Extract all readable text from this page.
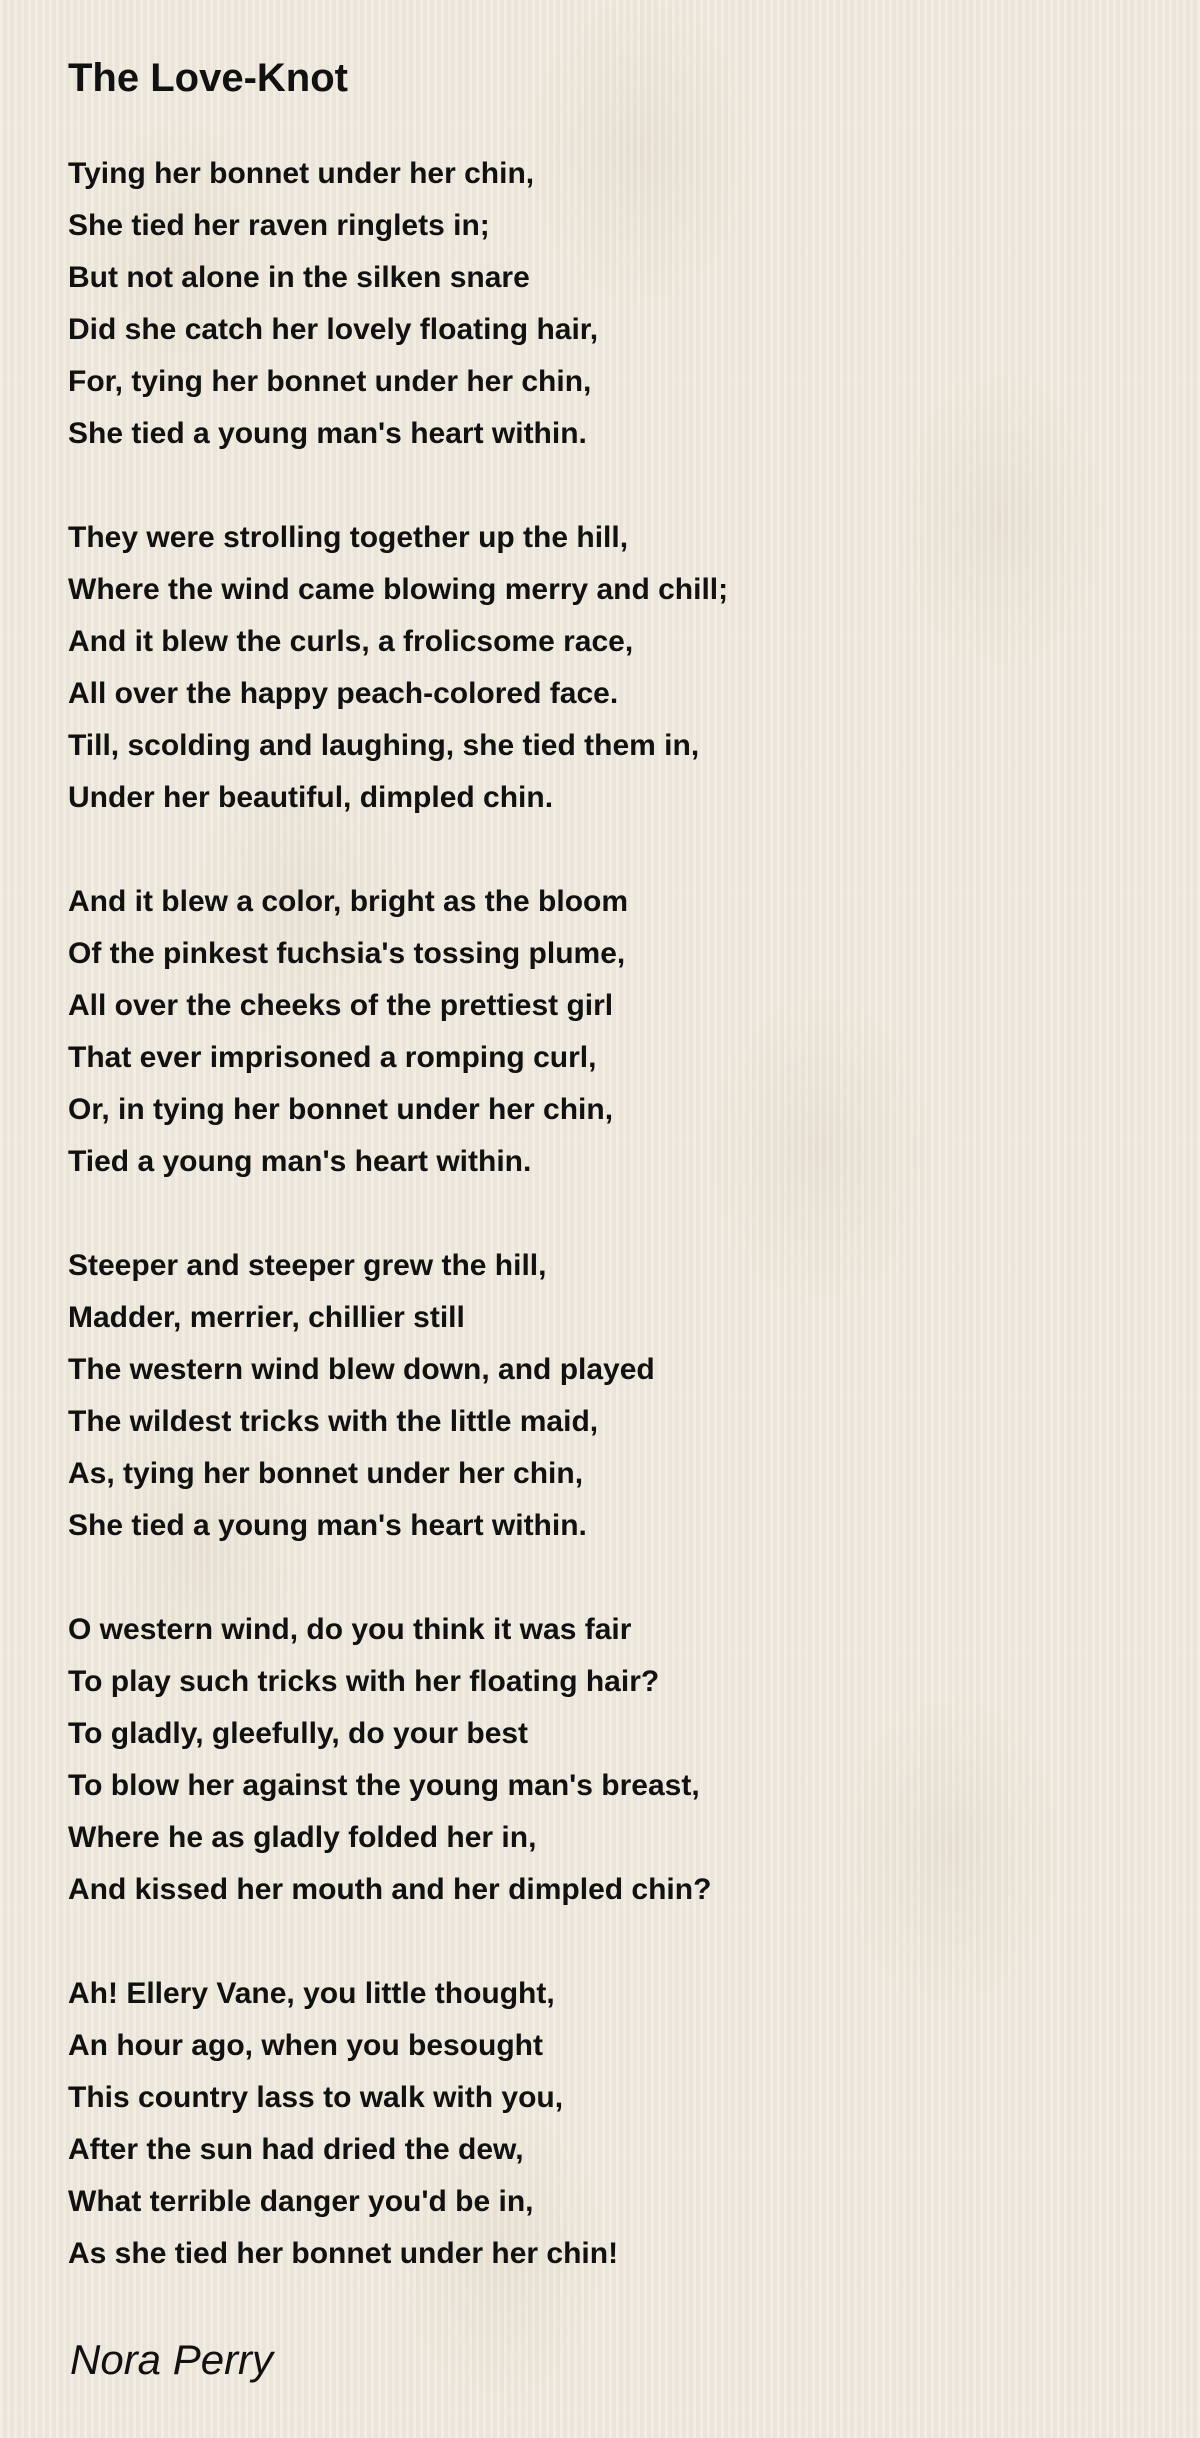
The Love-Knot
Tying her bonnet under her chin,
She tied her raven ringlets in;
But not alone in the silken snare
Did she catch her lovely floating hair,
For, tying her bonnet under her chin,
She tied a young man's heart within.
They were strolling together up the hill,
Where the wind came blowing merry and chill;
And it blew the curls, a frolicsome race,
All over the happy peach-colored face.
Till, scolding and laughing, she tied them in,
Under her beautiful, dimpled chin.
And it blew a color, bright as the bloom
Of the pinkest fuchsia's tossing plume,
All over the cheeks of the prettiest girl
That ever imprisoned a romping curl,
Or, in tying her bonnet under her chin,
Tied a young man's heart within.
Steeper and steeper grew the hill,
Madder, merrier, chillier still
The western wind blew down, and played
The wildest tricks with the little maid,
As, tying her bonnet under her chin,
She tied a young man's heart within.
O western wind, do you think it was fair
To play such tricks with her floating hair?
To gladly, gleefully, do your best
To blow her against the young man's breast,
Where he as gladly folded her in,
And kissed her mouth and her dimpled chin?
Ah! Ellery Vane, you little thought,
An hour ago, when you besought
This country lass to walk with you,
After the sun had dried the dew,
What terrible danger you'd be in,
As she tied her bonnet under her chin!
Nora Perry
